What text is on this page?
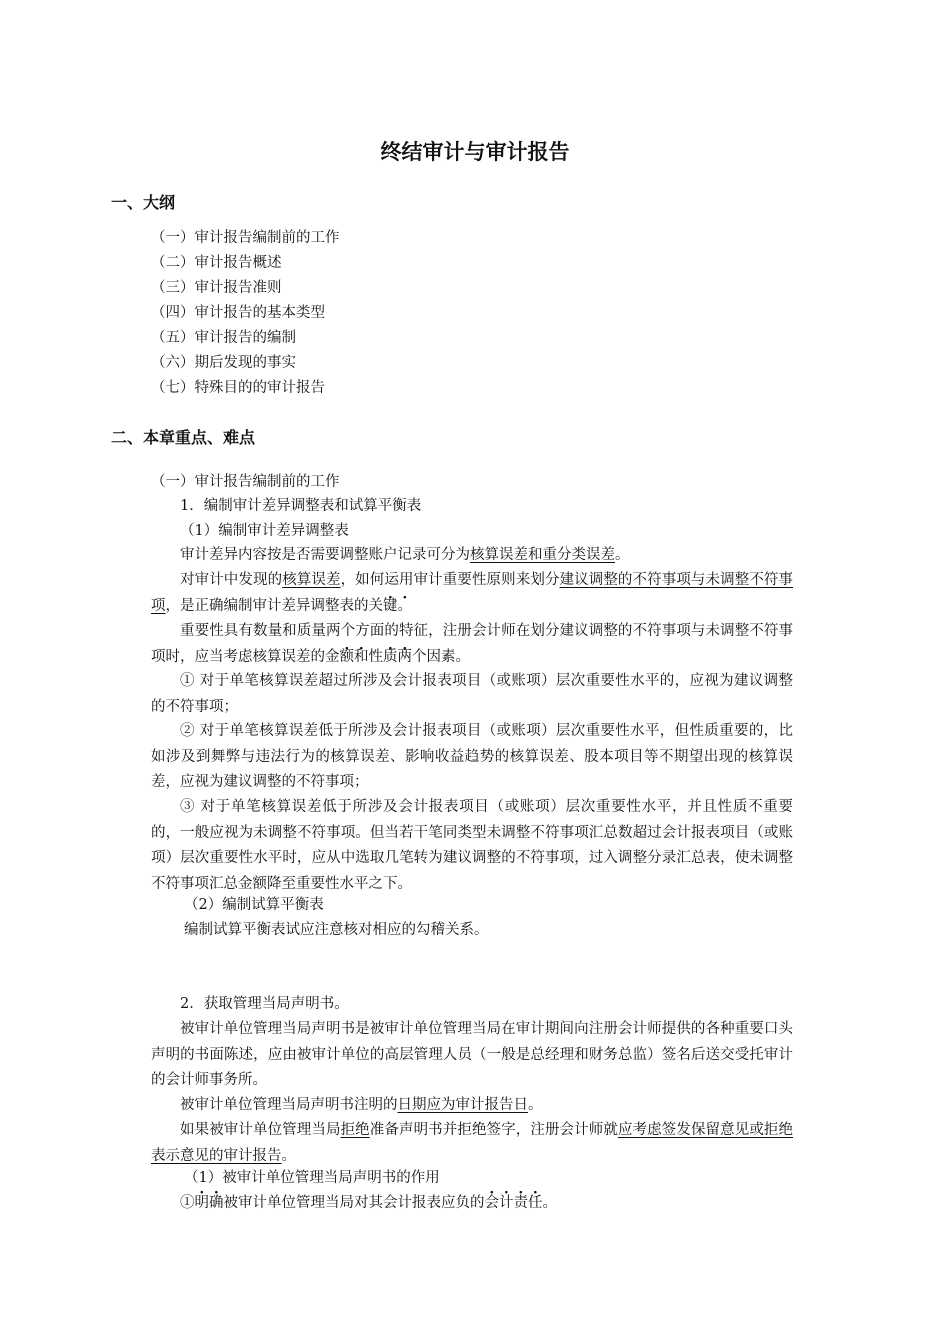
终结审计与审计报告
一、大纲
（一）审计报告编制前的工作
（二）审计报告概述
（三）审计报告准则
（四）审计报告的基本类型
（五）审计报告的编制
（六）期后发现的事实
（七）特殊目的的审计报告
二、本章重点、难点
（一）审计报告编制前的工作
1．编制审计差异调整表和试算平衡表
（1）编制审计差异调整表
审计差异内容按是否需要调整账户记录可分为核算误差和重分类误差。
对审计中发现的核算误差，如何运用审计重要性原则来划分建议调整的不符事项与未调整不符事项，是正确编制审计差异调整表的关键。
重要性具有数量和质量两个方面的特征，注册会计师在划分建议调整的不符事项与未调整不符事项时，应当考虑核算误差的金额和性质两个因素。
① 对于单笔核算误差超过所涉及会计报表项目（或账项）层次重要性水平的，应视为建议调整的不符事项；
② 对于单笔核算误差低于所涉及会计报表项目（或账项）层次重要性水平，但性质重要的，比如涉及到舞弊与违法行为的核算误差、影响收益趋势的核算误差、股本项目等不期望出现的核算误差，应视为建议调整的不符事项；
③ 对于单笔核算误差低于所涉及会计报表项目（或账项）层次重要性水平，并且性质不重要的，一般应视为未调整不符事项。但当若干笔同类型未调整不符事项汇总数超过会计报表项目（或账项）层次重要性水平时，应从中选取几笔转为建议调整的不符事项，过入调整分录汇总表，使未调整不符事项汇总金额降至重要性水平之下。
（2）编制试算平衡表
编制试算平衡表试应注意核对相应的勾稽关系。
2．获取管理当局声明书。
被审计单位管理当局声明书是被审计单位管理当局在审计期间向注册会计师提供的各种重要口头声明的书面陈述，应由被审计单位的高层管理人员（一般是总经理和财务总监）签名后送交受托审计的会计师事务所。
被审计单位管理当局声明书注明的日期应为审计报告日。
如果被审计单位管理当局拒绝准备声明书并拒绝签字，注册会计师就应考虑签发保留意见或拒绝表示意见的审计报告。
（1）被审计单位管理当局声明书的作用
①明确被审计单位管理当局对其会计报表应负的会计责任。
